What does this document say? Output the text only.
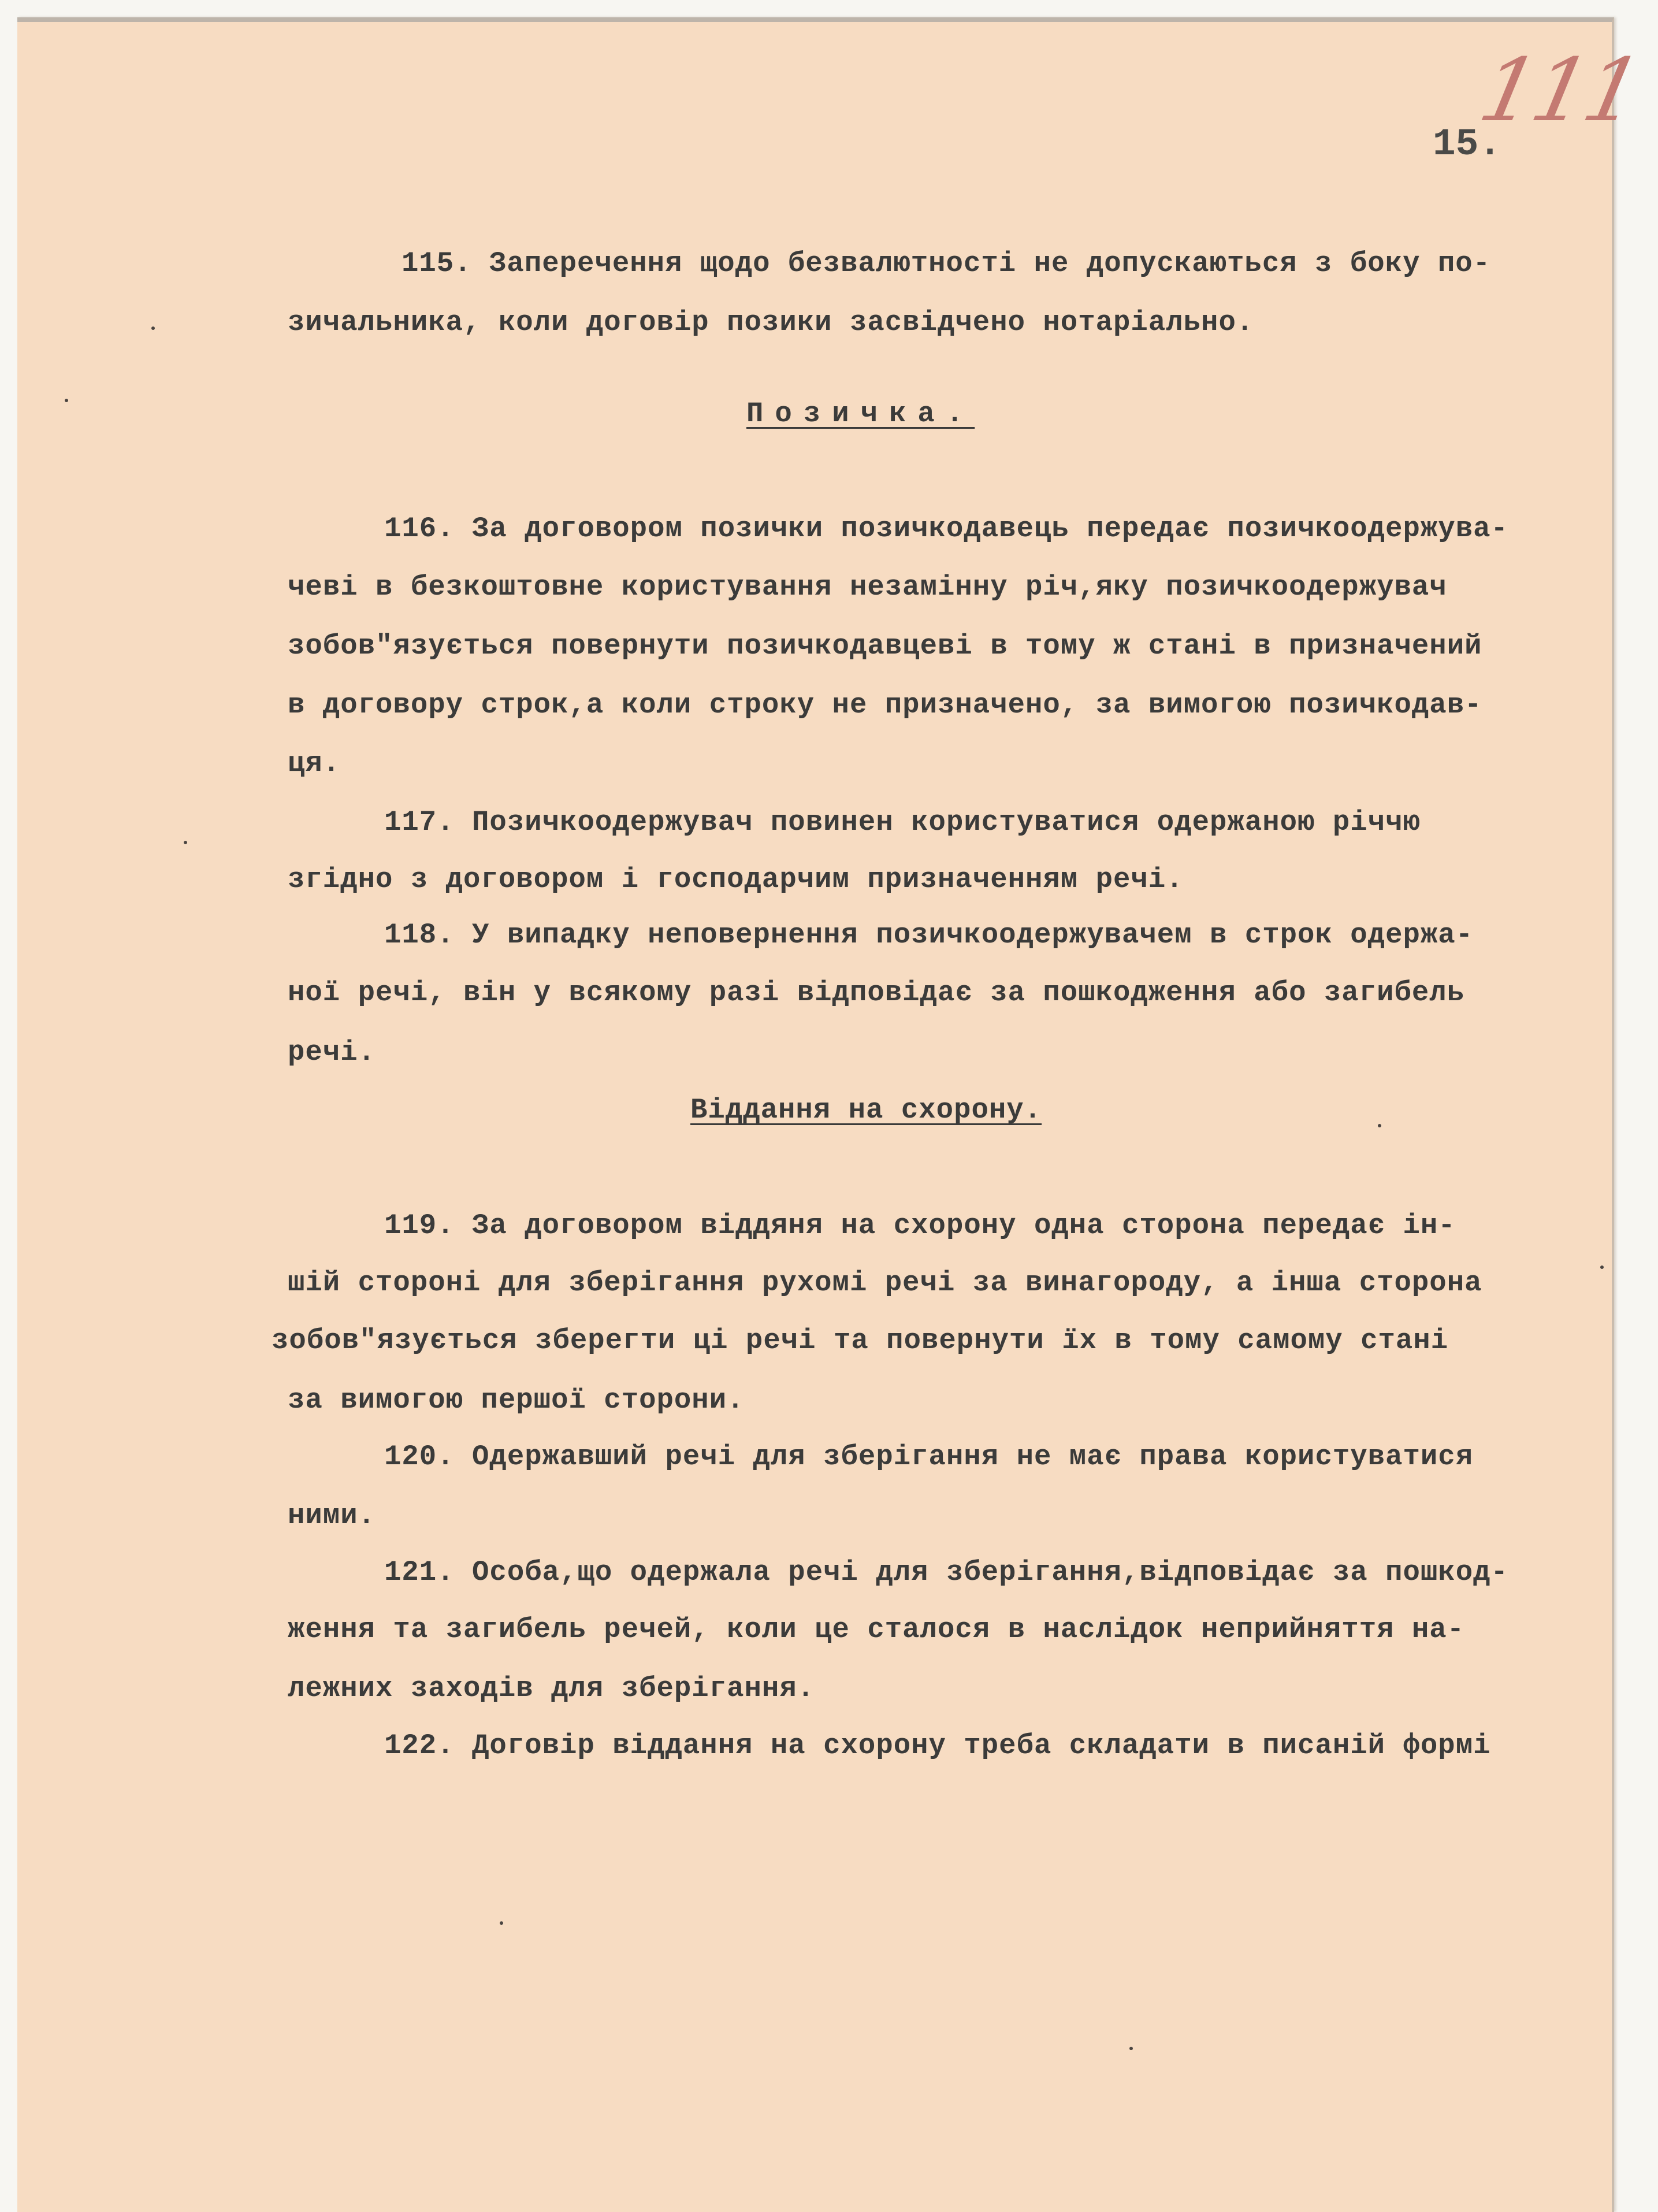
111
15.
115. Заперечення щодо безвалютності не допускаються з боку по-
зичальника, коли договір позики засвідчено нотаріально.
Позичка.
116. За договором позички позичкодавець передає позичкоодержува-
чеві в безкоштовне користування незамінну річ,яку позичкоодержувач
зобов"язується повернути позичкодавцеві в тому ж стані в призначений
в договору строк,а коли строку не призначено, за вимогою позичкодав-
ця.
117. Позичкоодержувач повинен користуватися одержаною річчю
згідно з договором і господарчим призначенням речі.
118. У випадку неповернення позичкоодержувачем в строк одержа-
ної речі, він у всякому разі відповідає за пошкодження або загибель
речі.
Віддання на схорону.
119. За договором віддяня на схорону одна сторона передає ін-
шій стороні для зберігання рухомі речі за винагороду, а інша сторона
зобов"язується зберегти ці речі та повернути їх в тому самому стані
за вимогою першої сторони.
120. Одержавший речі для зберігання не має права користуватися
ними.
121. Особа,що одержала речі для зберігання,відповідає за пошкод-
ження та загибель речей, коли це сталося в наслідок неприйняття на-
лежних заходів для зберігання.
122. Договір віддання на схорону треба складати в писаній формі
